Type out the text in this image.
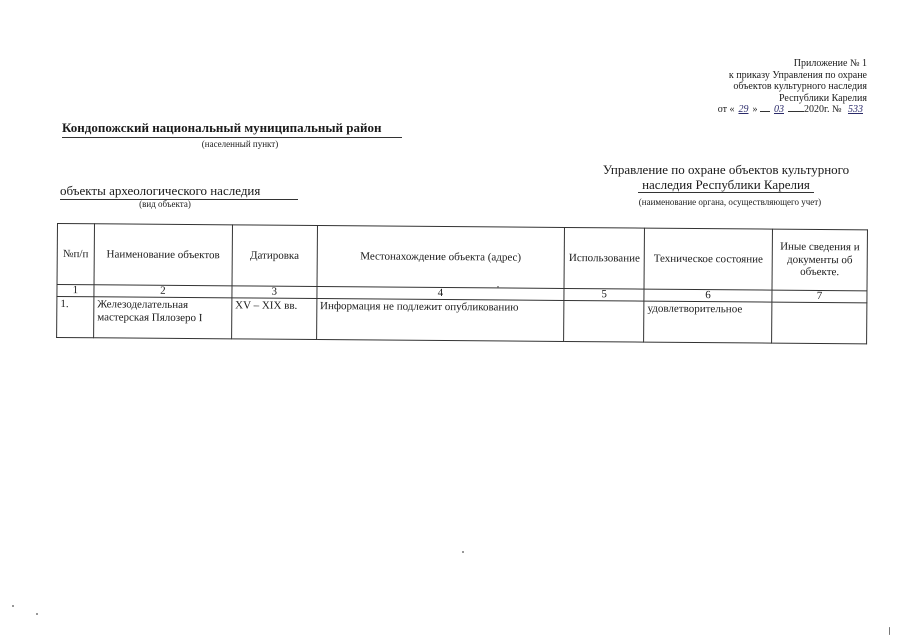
Приложение № 1
к приказу Управления по охране
объектов культурного наследия
Республики Карелия
от « 29 » 03 2020г. № 533
Кондопожский национальный муниципальный район
(населенный пункт)
Управление по охране объектов культурного
наследия Республики Карелия
(наименование органа, осуществляющего учет)
объекты археологического наследия
(вид объекта)
№п/п	Наименование объектов	Датировка	Местонахождение объекта (адрес)	Использование	Техническое состояние	Иные сведения и документы об объекте.
1	2	3	4	5	6	7
1.	Железоделательная мастерская Пялозеро I	XV – XIX вв.	Информация не подлежит опубликованию		удовлетворительное	
